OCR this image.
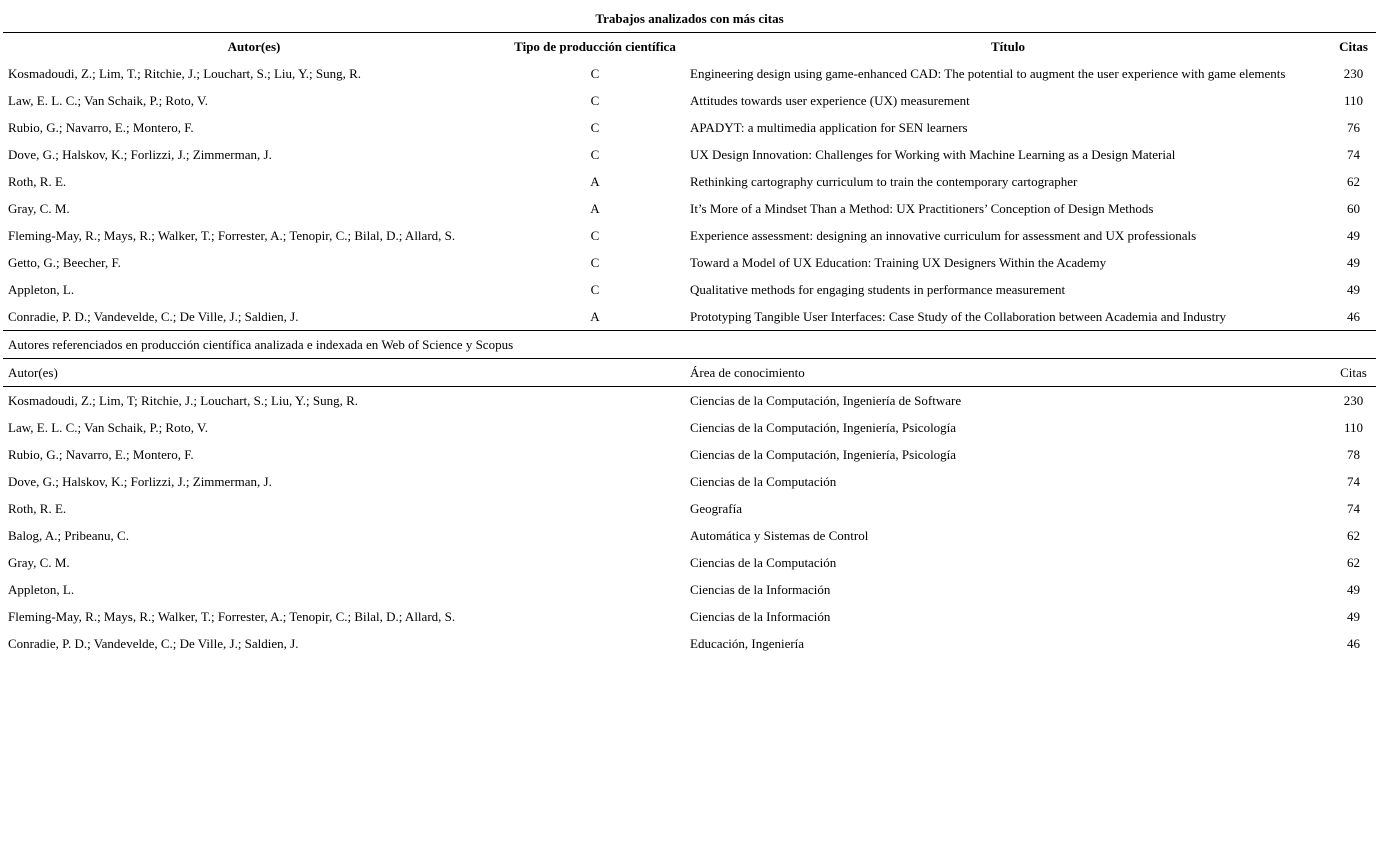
Trabajos analizados con más citas			
Autor(es)	Tipo de producción científica	Título	Citas
Kosmadoudi, Z.; Lim, T.; Ritchie, J.; Louchart, S.; Liu, Y.; Sung, R.	C	Engineering design using game-enhanced CAD: The potential to augment the user experience with game elements	230
Law, E. L. C.; Van Schaik, P.; Roto, V.	C	Attitudes towards user experience (UX) measurement	110
Rubio, G.; Navarro, E.; Montero, F.	C	APADYT: a multimedia application for SEN learners	76
Dove, G.; Halskov, K.; Forlizzi, J.; Zimmerman, J.	C	UX Design Innovation: Challenges for Working with Machine Learning as a Design Material	74
Roth, R. E.	A	Rethinking cartography curriculum to train the contemporary cartographer	62
Gray, C. M.	A	It’s More of a Mindset Than a Method: UX Practitioners’ Conception of Design Methods	60
Fleming-May, R.; Mays, R.; Walker, T.; Forrester, A.; Tenopir, C.; Bilal, D.; Allard, S.	C	Experience assessment: designing an innovative curriculum for assessment and UX professionals	49
Getto, G.; Beecher, F.	C	Toward a Model of UX Education: Training UX Designers Within the Academy	49
Appleton, L.	C	Qualitative methods for engaging students in performance measurement	49
Conradie, P. D.; Vandevelde, C.; De Ville, J.; Saldien, J.	A	Prototyping Tangible User Interfaces: Case Study of the Collaboration between Academia and Industry	46
Autores referenciados en producción científica analizada e indexada en Web of Science y Scopus			
Autor(es)		Área de conocimiento	Citas
Kosmadoudi, Z.; Lim, T; Ritchie, J.; Louchart, S.; Liu, Y.; Sung, R.		Ciencias de la Computación, Ingeniería de Software	230
Law, E. L. C.; Van Schaik, P.; Roto, V.		Ciencias de la Computación, Ingeniería, Psicología	110
Rubio, G.; Navarro, E.; Montero, F.		Ciencias de la Computación, Ingeniería, Psicología	78
Dove, G.; Halskov, K.; Forlizzi, J.; Zimmerman, J.		Ciencias de la Computación	74
Roth, R. E.		Geografía	74
Balog, A.; Pribeanu, C.		Automática y Sistemas de Control	62
Gray, C. M.		Ciencias de la Computación	62
Appleton, L.		Ciencias de la Información	49
Fleming-May, R.; Mays, R.; Walker, T.; Forrester, A.; Tenopir, C.; Bilal, D.; Allard, S.		Ciencias de la Información	49
Conradie, P. D.; Vandevelde, C.; De Ville, J.; Saldien, J.		Educación, Ingeniería	46
